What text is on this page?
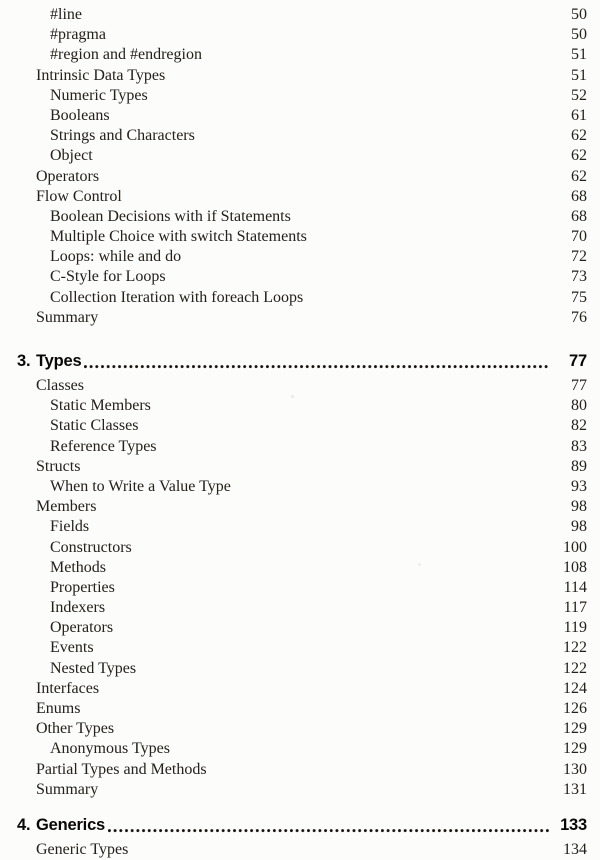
#line	50
#pragma	50
#region and #endregion	51
Intrinsic Data Types	51
Numeric Types	52
Booleans	61
Strings and Characters	62
Object	62
Operators	62
Flow Control	68
Boolean Decisions with if Statements	68
Multiple Choice with switch Statements	70
Loops: while and do	72
C-Style for Loops	73
Collection Iteration with foreach Loops	75
Summary	76
3. Types	77
Classes	77
Static Members	80
Static Classes	82
Reference Types	83
Structs	89
When to Write a Value Type	93
Members	98
Fields	98
Constructors	100
Methods	108
Properties	114
Indexers	117
Operators	119
Events	122
Nested Types	122
Interfaces	124
Enums	126
Other Types	129
Anonymous Types	129
Partial Types and Methods	130
Summary	131
4. Generics	133
Generic Types	134
